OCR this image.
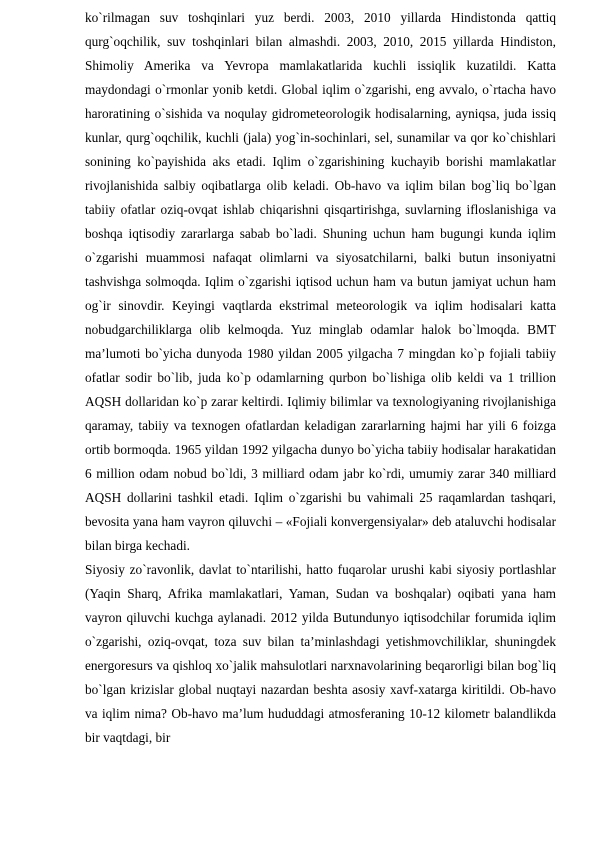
ko`rilmagan suv toshqinlari yuz berdi. 2003, 2010 yillarda Hindistonda qattiq qurg`oqchilik, suv toshqinlari bilan almashdi. 2003, 2010, 2015 yillarda Hindiston, Shimoliy Amerika va Yevropa mamlakatlarida kuchli issiqlik kuzatildi. Katta maydondagi o`rmonlar yonib ketdi. Global iqlim o`zgarishi, eng avvalo, o`rtacha havo haroratining o`sishida va noqulay gidrometeorologik hodisalarning, ayniqsa, juda issiq kunlar, qurg`oqchilik, kuchli (jala) yog`in-sochinlari, sel, sunamilar va qor ko`chishlari sonining ko`payishida aks etadi. Iqlim o`zgarishining kuchayib borishi mamlakatlar rivojlanishida salbiy oqibatlarga olib keladi. Ob-havo va iqlim bilan bog`liq bo`lgan tabiiy ofatlar oziq-ovqat ishlab chiqarishni qisqartirishga, suvlarning ifloslanishiga va boshqa iqtisodiy zararlarga sabab bo`ladi. Shuning uchun ham bugungi kunda iqlim o`zgarishi muammosi nafaqat olimlarni va siyosatchilarni, balki butun insoniyatni tashvishga solmoqda. Iqlim o`zgarishi iqtisod uchun ham va butun jamiyat uchun ham og`ir sinovdir. Keyingi vaqtlarda ekstrimal meteorologik va iqlim hodisalari katta nobudgarchiliklarga olib kelmoqda. Yuz minglab odamlar halok bo`lmoqda. BMT ma’lumoti bo`yicha dunyoda 1980 yildan 2005 yilgacha 7 mingdan ko`p fojiali tabiiy ofatlar sodir bo`lib, juda ko`p odamlarning qurbon bo`lishiga olib keldi va 1 trillion AQSH dollaridan ko`p zarar keltirdi. Iqlimiy bilimlar va texnologiyaning rivojlanishiga qaramay, tabiiy va texnogen ofatlardan keladigan zararlarning hajmi har yili 6 foizga ortib bormoqda. 1965 yildan 1992 yilgacha dunyo bo`yicha tabiiy hodisalar harakatidan 6 million odam nobud bo`ldi, 3 milliard odam jabr ko`rdi, umumiy zarar 340 milliard AQSH dollarini tashkil etadi. Iqlim o`zgarishi bu vahimali 25 raqamlardan tashqari, bevosita yana ham vayron qiluvchi – «Fojiali konvergensiyalar» deb ataluvchi hodisalar bilan birga kechadi.

Siyosiy zo`ravonlik, davlat to`ntarilishi, hatto fuqarolar urushi kabi siyosiy portlashlar (Yaqin Sharq, Afrika mamlakatlari, Yaman, Sudan va boshqalar) oqibati yana ham vayron qiluvchi kuchga aylanadi. 2012 yilda Butundunyo iqtisodchilar forumida iqlim o`zgarishi, oziq-ovqat, toza suv bilan ta’minlashdagi yetishmovchiliklar, shuningdek energoresurs va qishloq xo`jalik mahsulotlari narxnavolarining beqarorligi bilan bog`liq bo`lgan krizislar global nuqtayi nazardan beshta asosiy xavf-xatarga kiritildi. Ob-havo va iqlim nima? Ob-havo ma’lum hududdagi atmosferaning 10-12 kilometr balandlikda bir vaqtdagi, bir
